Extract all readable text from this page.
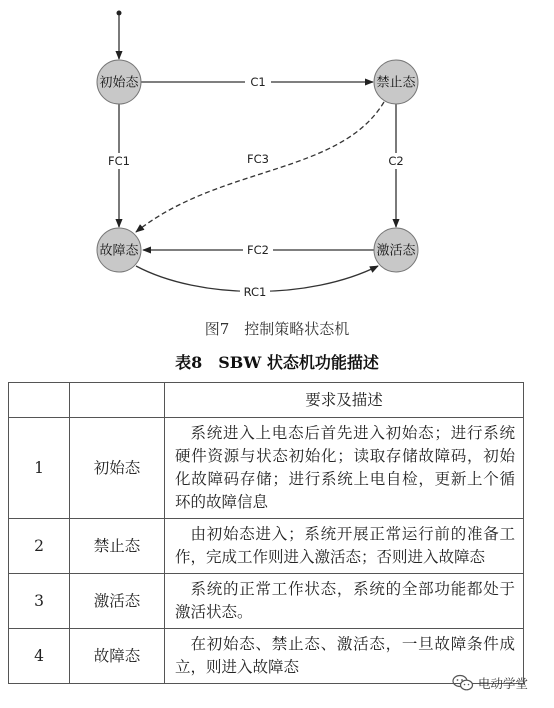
初始态	禁止态
故障态	激活态
C1
FC1	C2
FC3
FC2
RC1
图7　控制策略状态机
表8　SBW 状态机功能描述
		要求及描述
1	初始态	系统进入上电态后首先进入初始态；进行系统硬件资源与状态初始化；读取存储故障码，初始化故障码存储；进行系统上电自检，更新上个循环的故障信息
2	禁止态	由初始态进入；系统开展正常运行前的准备工作，完成工作则进入激活态；否则进入故障态
3	激活态	系统的正常工作状态，系统的全部功能都处于激活状态。
4	故障态	在初始态、禁止态、激活态，一旦故障条件成立，则进入故障态
电动学堂
